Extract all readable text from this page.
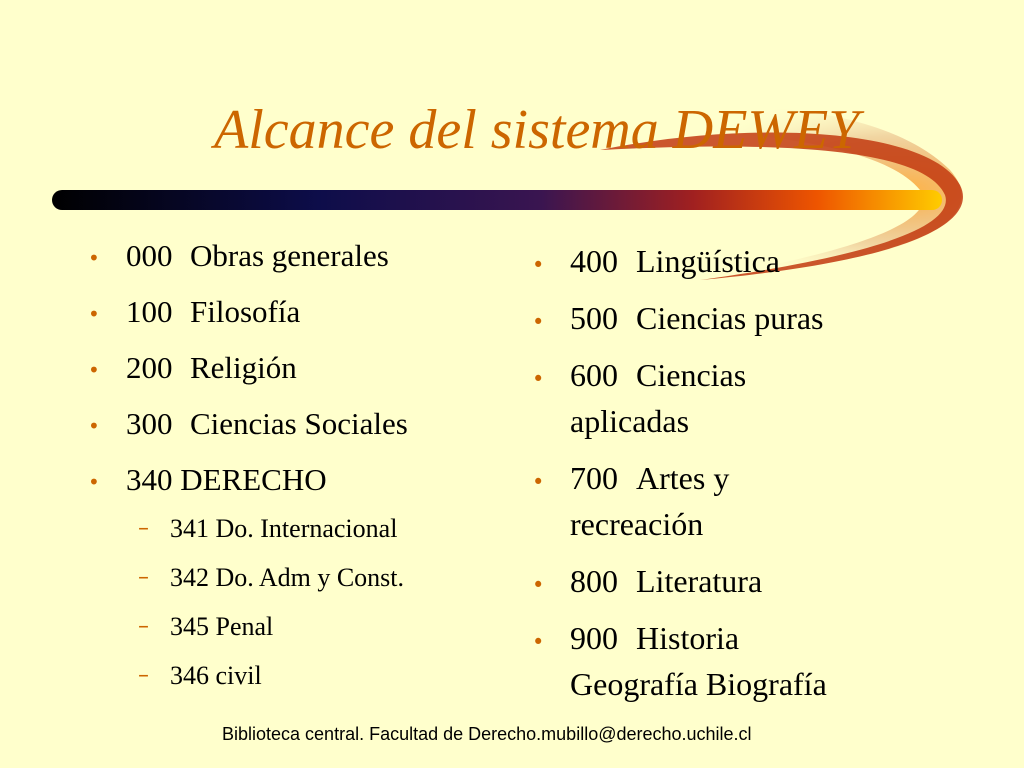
Alcance del sistema DEWEY
• 000 Obras generales
• 100 Filosofía
• 200 Religión
• 300 Ciencias Sociales
• 340 DERECHO
– 341 Do. Internacional
– 342 Do. Adm y Const.
– 345 Penal
– 346 civil
• 400 Lingüística
• 500 Ciencias puras
• 600 Ciencias
aplicadas
• 700 Artes y
recreación
• 800 Literatura
• 900 Historia
Geografía Biografía
Biblioteca central. Facultad de Derecho.mubillo@derecho.uchile.cl
